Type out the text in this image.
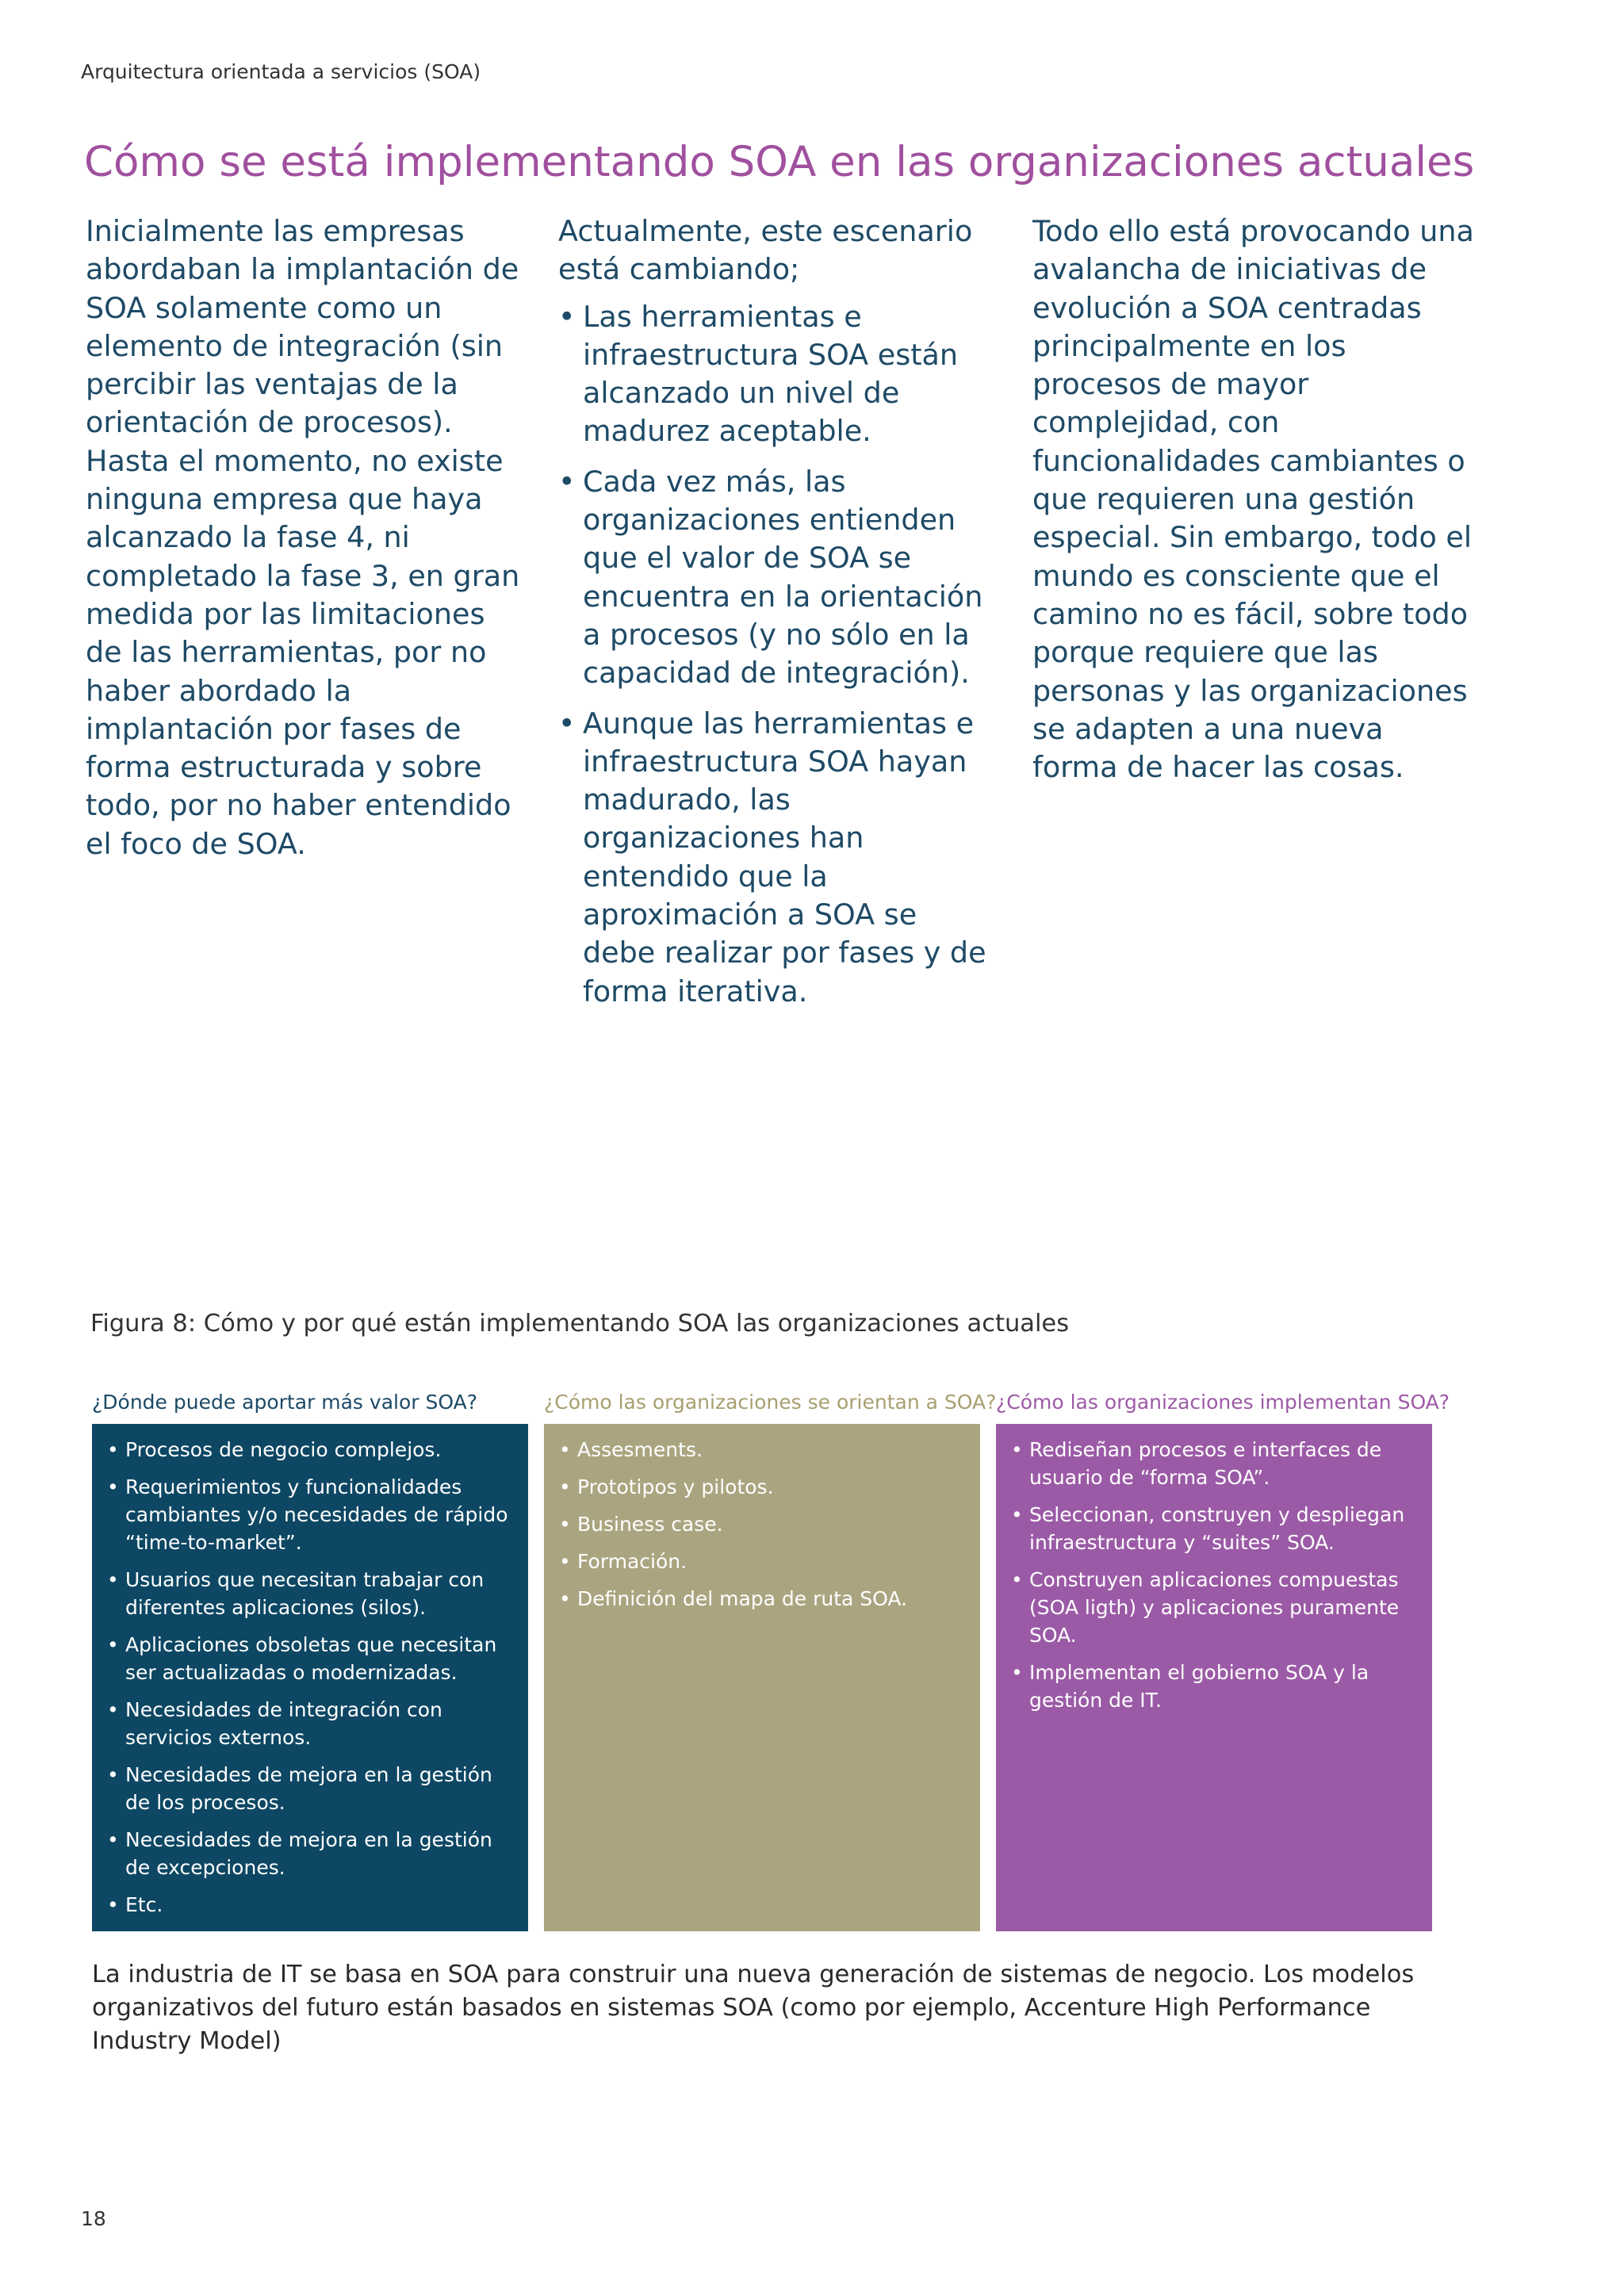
Arquitectura orientada a servicios (SOA)
Cómo se está implementando SOA en las organizaciones actuales

Inicialmente las empresas abordaban la implantación de SOA solamente como un elemento de integración (sin percibir las ventajas de la orientación de procesos). Hasta el momento, no existe ninguna empresa que haya alcanzado la fase 4, ni completado la fase 3, en gran medida por las limitaciones de las herramientas, por no haber abordado la implantación por fases de forma estructurada y sobre todo, por no haber entendido el foco de SOA.

Actualmente, este escenario está cambiando;

• Las herramientas e infraestructura SOA están alcanzado un nivel de madurez aceptable.
• Cada vez más, las organizaciones entienden que el valor de SOA se encuentra en la orientación a procesos (y no sólo en la capacidad de integración).
• Aunque las herramientas e infraestructura SOA hayan madurado, las organizaciones han entendido que la aproximación a SOA se debe realizar por fases y de forma iterativa.

Todo ello está provocando una avalancha de iniciativas de evolución a SOA centradas principalmente en los procesos de mayor complejidad, con funcionalidades cambiantes o que requieren una gestión especial. Sin embargo, todo el mundo es consciente que el camino no es fácil, sobre todo porque requiere que las personas y las organizaciones se adapten a una nueva forma de hacer las cosas.

Figura 8: Cómo y por qué están implementando SOA las organizaciones actuales
¿Dónde puede aportar más valor SOA?	¿Cómo las organizaciones se orientan a SOA? ¿Cómo las organizaciones implementan SOA?
• Procesos de negocio complejos.
• Requerimientos y funcionalidades cambiantes y/o necesidades de rápido “time-to-market”.
• Usuarios que necesitan trabajar con diferentes aplicaciones (silos).
• Aplicaciones obsoletas que necesitan ser actualizadas o modernizadas.
• Necesidades de integración con servicios externos.
• Necesidades de mejora en la gestión de los procesos.
• Necesidades de mejora en la gestión de excepciones.
• Etc.
• Assesments.
• Prototipos y pilotos.
• Business case.
• Formación.
• Definición del mapa de ruta SOA.
• Rediseñan procesos e interfaces de usuario de “forma SOA”.
• Seleccionan, construyen y despliegan infraestructura y “suites” SOA.
• Construyen aplicaciones compuestas (SOA ligth) y aplicaciones puramente SOA.
• Implementan el gobierno SOA y la gestión de IT.

La industria de IT se basa en SOA para construir una nueva generación de sistemas de negocio. Los modelos organizativos del futuro están basados en sistemas SOA (como por ejemplo, Accenture High Performance Industry Model)

18
